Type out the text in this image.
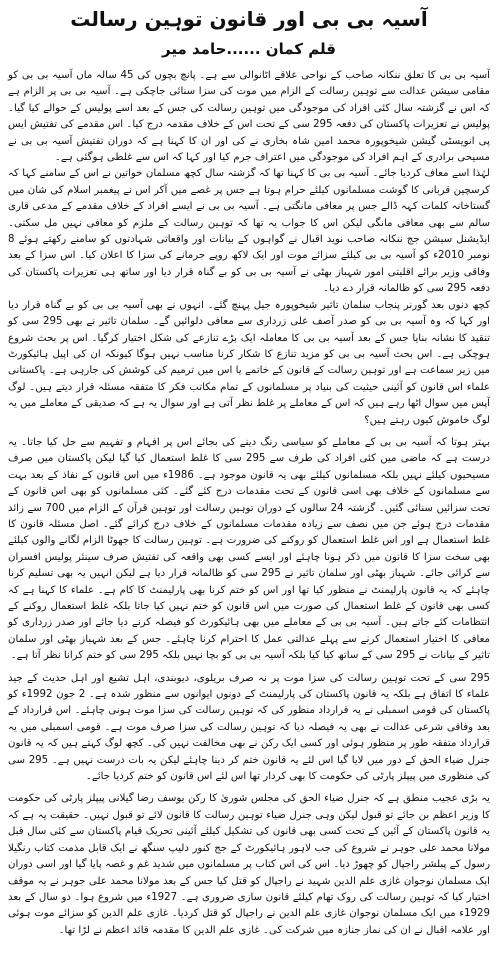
آسیہ بی بی اور قانون توہین رسالت
قلم کمان ......حامد میر

آسیہ بی بی کا تعلق ننکانہ صاحب کے نواحی علاقے اٹانوالی سے ہے۔ پانچ بچوں کی 45 سالہ ماں آسیہ بی بی کو مقامی سیشن عدالت سے توہین رسالت کے الزام میں موت کی سزا سنائی جاچکی ہے۔ آسیہ بی بی پر الزام ہے کہ اس نے گزشتہ سال کئی افراد کی موجودگی میں توہین رسالت کی جس کے بعد اسے پولیس کے حوالے کیا گیا۔ پولیس نے تعزیرات پاکستان کی دفعہ 295 سی کے تحت اس کے خلاف مقدمہ درج کیا۔ اس مقدمے کی تفتیش ایس پی انویسٹی گیشن شیخوپورہ محمد امین شاہ بخاری نے کی اور ان کا کہنا ہے کہ دوران تفتیش آسیہ بی بی نے مسیحی برادری کے اہم افراد کی موجودگی میں اعتراف جرم کیا اور کہا کہ اس سے غلطی ہوگئی ہے۔

لہٰذا اسے معاف کردیا جائے۔ آسیہ بی بی کا کہنا تھا کہ گزشتہ سال کچھ مسلمان خواتین نے اس کے سامنے کہا کہ کرسچین قربانی کا گوشت مسلمانوں کیلئے حرام ہوتا ہے جس پر غصے میں آکر اس نے پیغمبر اسلام کی شان میں گستاخانہ کلمات کہہ ڈالے جس پر معافی مانگتی ہے۔ آسیہ بی بی نے ایسے افراد کے خلاف مقدمے کے مدعی قاری سالم سے بھی معافی مانگی لیکن اس کا جواب یہ تھا کہ توہین رسالت کے ملزم کو معافی نہیں مل سکتی۔ ایڈیشنل سیشن جج ننکانہ صاحب نوید اقبال نے گواہوں کے بیانات اور واقعاتی شہادتوں کو سامنے رکھتے ہوئے 8 نومبر 2010ء کو آسیہ بی بی کیلئے سزائے موت اور ایک لاکھ روپے جرمانے کی سزا کا اعلان کیا۔ اس سزا کے بعد وفاقی وزیر برائے اقلیتی امور شہباز بھٹی نے آسیہ بی بی کو بے گناہ قرار دیا اور ساتھ ہی تعزیرات پاکستان کی دفعہ 295 سی کو ظالمانہ قرار دے دیا۔

کچھ دنوں بعد گورنر پنجاب سلمان تاثیر شیخوپورہ جیل پہنچ گئے۔ انہوں نے بھی آسیہ بی بی کو بے گناہ قرار دیا اور کہا کہ وہ آسیہ بی بی کو صدر آصف علی زرداری سے معافی دلوائیں گے۔ سلمان تاثیر نے بھی 295 سی کو تنقید کا نشانہ بنایا جس کے بعد آسیہ بی بی کا معاملہ ایک بڑے تنازعے کی شکل اختیار کرگیا۔ اس پر بحث شروع ہوچکی ہے۔ اس بحث آسیہ بی بی کو مزید تنازع کا شکار کرنا مناسب نہیں ہوگا کیونکہ ان کی اپیل ہائیکورٹ میں زیر سماعت ہے اور توہین رسالت کے قانون کے خاتمے یا اس میں ترمیم کی کوشش کی جارہی ہے۔ پاکستانی علماء اس قانون کو آئینی حیثیت کی بنیاد پر مسلمانوں کے تمام مکاتب فکر کا متفقہ مسئلہ قرار دیتے ہیں۔ لوگ آپس میں سوال اٹھا رہے ہیں کہ اس کے معاملے پر غلط نظر آتی ہے اور سوال یہ ہے کہ صدیقی کے معاملے میں یہ لوگ خاموش کیوں رہتے ہیں؟

بہتر ہوتا کہ آسیہ بی بی کے معاملے کو سیاسی رنگ دینے کی بجائے اس پر افہام و تفہیم سے حل کیا جاتا۔ یہ درست ہے کہ ماضی میں کئی افراد کی طرف سے 295 سی کا غلط استعمال کیا گیا لیکن پاکستان میں صرف مسیحیوں کیلئے نہیں بلکہ مسلمانوں کیلئے بھی یہ قانون موجود ہے۔ 1986ء میں اس قانون کے نفاذ کے بعد بہت سے مسلمانوں کے خلاف بھی اسی قانون کے تحت مقدمات درج کئے گئے۔ کئی مسلمانوں کو بھی اس قانون کے تحت سزائیں سنائی گئیں۔ گزشتہ 24 سالوں کے دوران توہین رسالت اور توہین قرآن کے الزام میں 700 سے زائد مقدمات درج ہوئے جن میں نصف سے زیادہ مقدمات مسلمانوں کے خلاف درج کرائے گئے۔ اصل مسئلہ قانون کا غلط استعمال ہے اور اس غلط استعمال کو روکنے کی ضرورت ہے۔ توہین رسالت کا جھوٹا الزام لگانے والوں کیلئے بھی سخت سزا کا قانون میں ذکر ہونا چاہئے اور ایسے کسی بھی واقعہ کی تفتیش صرف سینئر پولیس افسران سے کرائی جائے۔ شہباز بھٹی اور سلمان تاثیر نے 295 سی کو ظالمانہ قرار دیا ہے لیکن انہیں یہ بھی تسلیم کرنا چاہئے کہ یہ قانون پارلیمنٹ نے منظور کیا تھا اور اس کو ختم کرنا بھی پارلیمنٹ کا کام ہے۔ علماء کا کہنا ہے کہ کسی بھی قانون کے غلط استعمال کی صورت میں اس قانون کو ختم نہیں کیا جاتا بلکہ غلط استعمال روکنے کے انتظامات کئے جاتے ہیں۔ آسیہ بی بی کے معاملے میں بھی ہائیکورٹ کو فیصلہ کرنے دیا جائے اور صدر زرداری کو معافی کا اختیار استعمال کرنے سے پہلے عدالتی عمل کا احترام کرنا چاہئے۔ جس کے بعد شہباز بھٹی اور سلمان تاثیر کے بیانات نے 295 سی کے ساتھ کیا کیا بلکہ آسیہ بی بی کو بچا نہیں بلکہ 295 سی کو ختم کرانا نظر آتا ہے۔

295 سی کے تحت توہین رسالت کی سزا موت پر نہ صرف بریلوی، دیوبندی، اہل تشیع اور اہل حدیث کے جید علماء کا اتفاق ہے بلکہ یہ قانون پاکستان کی پارلیمنٹ کے دونوں ایوانوں سے منظور شدہ ہے۔ 2 جون 1992ء کو پاکستان کی قومی اسمبلی نے یہ قرارداد منظور کی کہ توہین رسالت کی سزا موت ہونی چاہئے۔ اس قرارداد کے بعد وفاقی شرعی عدالت نے بھی یہ فیصلہ دیا کہ توہین رسالت کی سزا صرف موت ہے۔ قومی اسمبلی میں یہ قرارداد متفقہ طور پر منظور ہوئی اور کسی ایک رکن نے بھی مخالفت نہیں کی۔ کچھ لوگ کہتے ہیں کہ یہ قانون جنرل ضیاء الحق کے دور میں لایا گیا اس لئے یہ قانون ختم کر دینا چاہئے لیکن یہ بات درست نہیں ہے۔ 295 سی کی منظوری میں پیپلز پارٹی کی حکومت کا بھی کردار تھا اس لئے اس قانون کو ختم کردیا جائے۔

یہ بڑی عجیب منطق ہے کہ جنرل ضیاء الحق کی مجلس شوریٰ کا رکن یوسف رضا گیلانی پیپلز پارٹی کی حکومت کا وزیر اعظم بن جائے تو قبول لیکن وہی جنرل ضیاء توہین رسالت کا قانون لائے تو قبول نہیں۔ حقیقت یہ ہے کہ یہ قانون پاکستان کے آئین کے تحت کسی بھی قانون کی تشکیل کیلئے آئینی تحریک قیام پاکستان سے کئی سال قبل مولانا محمد علی جوہر نے شروع کی جب لاہور ہائیکورٹ کے جج کنور دلیپ سنگھ نے ایک قابل مذمت کتاب رنگیلا رسول کے پبلشر راجپال کو چھوڑ دیا۔ اس کی اس کتاب پر مسلمانوں میں شدید غم و غصہ پایا گیا اور اسی دوران ایک مسلمان نوجوان غازی علم الدین شہید نے راجپال کو قتل کیا جس کے بعد مولانا محمد علی جوہر نے یہ موقف اختیار کیا کہ توہین رسالت کی روک تھام کیلئے قانون سازی ضروری ہے۔ 1927ء میں شروع ہوا۔ دو سال کے بعد 1929ء میں ایک مسلمان نوجوان غازی علم الدین نے راجپال کو قتل کردیا۔ غازی علم الدین کو سزائے موت ہوئی اور علامہ اقبال نے ان کی نماز جنازہ میں شرکت کی۔ غازی علم الدین کا مقدمہ قائد اعظم نے لڑا تھا۔
